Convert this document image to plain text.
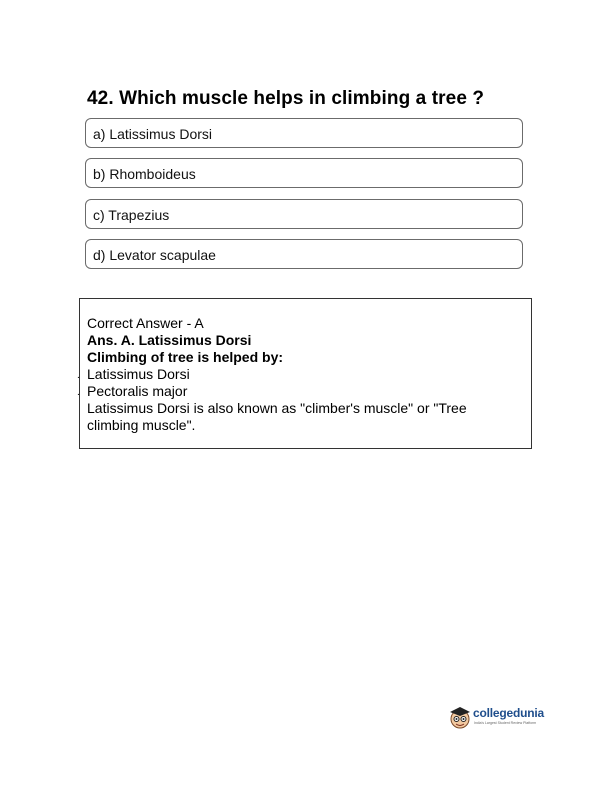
42. Which muscle helps in climbing a tree ?
a) Latissimus Dorsi
b) Rhomboideus
c) Trapezius
d) Levator scapulae
Correct Answer - A
Ans. A. Latissimus Dorsi
Climbing of tree is helped by:
Latissimus Dorsi
Pectoralis major
Latissimus Dorsi is also known as "climber's muscle" or "Tree climbing muscle".
.
.
collegedunia
India's Largest Student Review Platform
